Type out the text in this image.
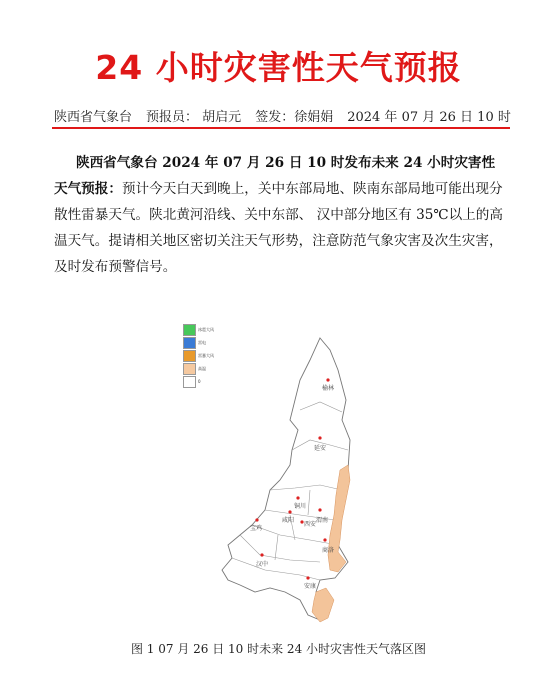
24 小时灾害性天气预报
陕西省气象台 预报员： 胡启元 签发：徐娟娟 2024 年 07 月 26 日 10 时

陕西省气象台 2024 年 07 月 26 日 10 时发布未来 24 小时灾害性

天气预报：预计今天白天到晚上，关中东部局地、陕南东部局地可能出现分散性雷暴天气。陕北黄河沿线、关中东部、 汉中部分地区有 35℃以上的高温天气。提请相关地区密切关注天气形势，注意防范气象灾害及次生灾害，及时发布预警信号。

榆林
延安
铜川
宝鸡
咸阳
西安
渭南
商洛
汉中
安康
冰雹大风
雷电
雷暴大风
高温
0
图 1 07 月 26 日 10 时未来 24 小时灾害性天气落区图
